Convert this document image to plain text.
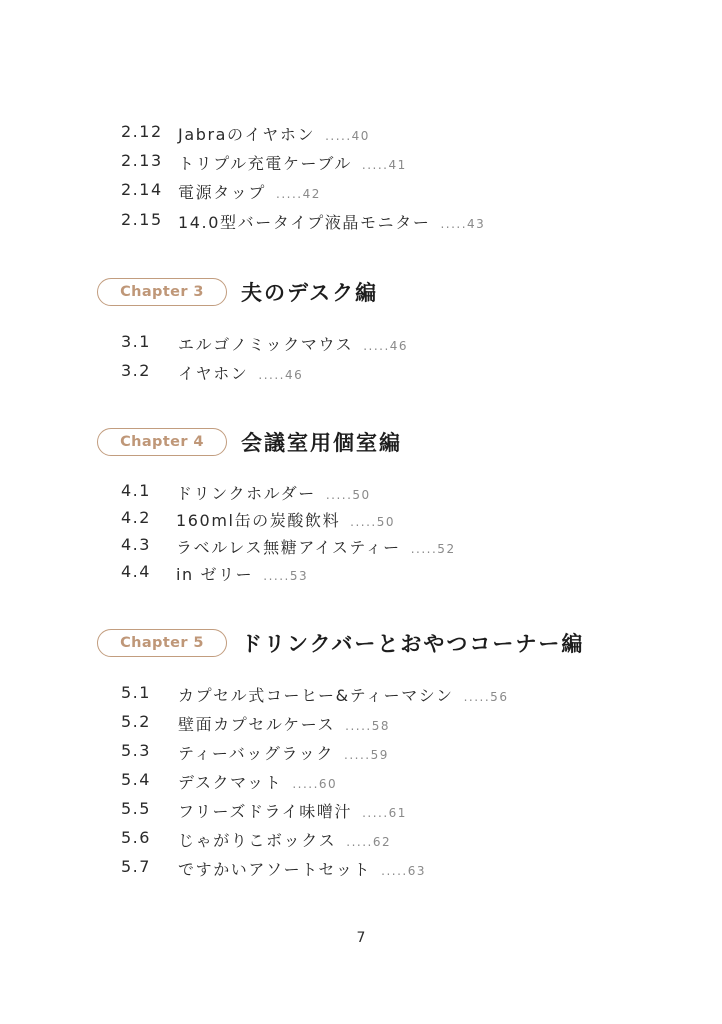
2.12 Jabraのイヤホン .....40
2.13 トリプル充電ケーブル .....41
2.14 電源タップ .....42
2.15 14.0型バータイプ液晶モニター .....43
Chapter 3	夫のデスク編
3.1 エルゴノミックマウス .....46
3.2 イヤホン .....46
Chapter 4	会議室用個室編
4.1 ドリンクホルダー .....50
4.2 160ml缶の炭酸飲料 .....50
4.3 ラベルレス無糖アイスティー .....52
4.4 in ゼリー .....53
Chapter 5	ドリンクバーとおやつコーナー編
5.1 カプセル式コーヒー&ティーマシン .....56
5.2 壁面カプセルケース .....58
5.3 ティーバッグラック .....59
5.4 デスクマット .....60
5.5 フリーズドライ味噌汁 .....61
5.6 じゃがりこボックス .....62
5.7 ですかいアソートセット .....63
7
